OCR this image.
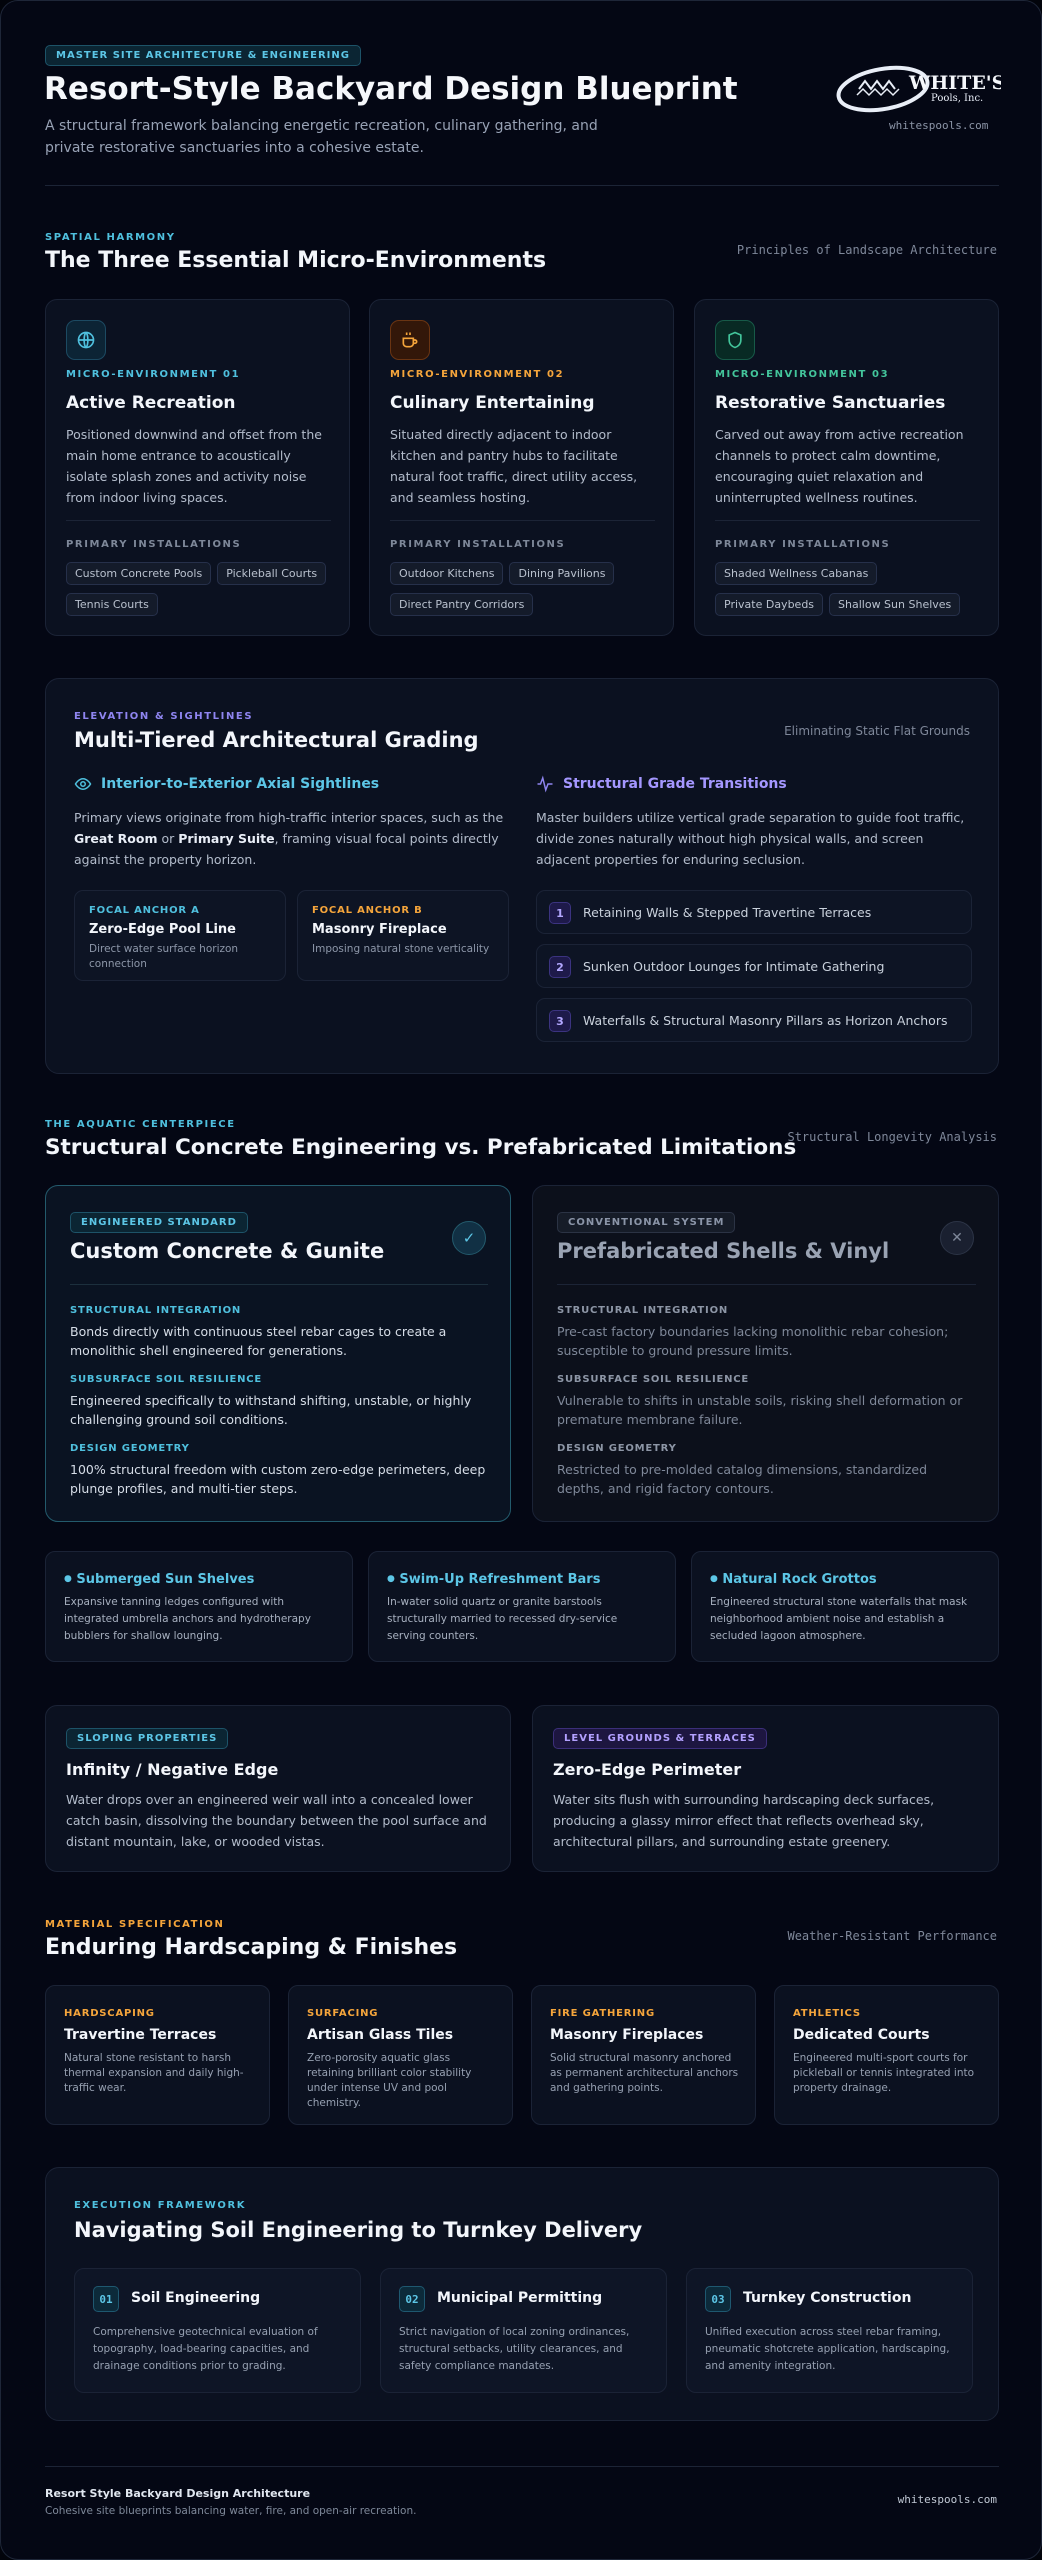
MASTER SITE ARCHITECTURE & ENGINEERING
Resort-Style Backyard Design Blueprint
A structural framework balancing energetic recreation, culinary gathering, and
private restorative sanctuaries into a cohesive estate.
WHITE'S
Pools, Inc.
whitespools.com
SPATIAL HARMONY
The Three Essential Micro-Environments	Principles of Landscape Architecture
MICRO-ENVIRONMENT 01
Active Recreation
Positioned downwind and offset from the main home entrance to acoustically isolate splash zones and activity noise from indoor living spaces.
PRIMARY INSTALLATIONS
Custom Concrete Pools Pickleball CourtsTennis Courts
MICRO-ENVIRONMENT 02
Culinary Entertaining
Situated directly adjacent to indoor kitchen and pantry hubs to facilitate natural foot traffic, direct utility access, and seamless hosting.
PRIMARY INSTALLATIONS
Outdoor Kitchens Dining PavilionsDirect Pantry Corridors
MICRO-ENVIRONMENT 03
Restorative Sanctuaries
Carved out away from active recreation channels to protect calm downtime, encouraging quiet relaxation and uninterrupted wellness routines.
PRIMARY INSTALLATIONS
Shaded Wellness CabanasPrivate Daybeds Shallow Sun Shelves
ELEVATION & SIGHTLINES
Multi-Tiered Architectural Grading	Eliminating Static Flat Grounds
Interior-to-Exterior Axial Sightlines
Primary views originate from high-traffic interior spaces, such as the Great Room or Primary Suite, framing visual focal points directly against the property horizon.
FOCAL ANCHOR A
Zero-Edge Pool Line
Direct water surface horizon connection
FOCAL ANCHOR B
Masonry Fireplace
Imposing natural stone verticality
Structural Grade Transitions
Master builders utilize vertical grade separation to guide foot traffic, divide zones naturally without high physical walls, and screen adjacent properties for enduring seclusion.
1	Retaining Walls & Stepped Travertine Terraces
2	Sunken Outdoor Lounges for Intimate Gathering
3	Waterfalls & Structural Masonry Pillars as Horizon Anchors
THE AQUATIC CENTERPIECE
Structural Concrete Engineering vs. Prefabricated Limitations
Structural Longevity Analysis
ENGINEERED STANDARD
Custom Concrete & Gunite
✓
STRUCTURAL INTEGRATION
Bonds directly with continuous steel rebar cages to create a monolithic shell engineered for generations.
SUBSURFACE SOIL RESILIENCE
Engineered specifically to withstand shifting, unstable, or highly challenging ground soil conditions.
DESIGN GEOMETRY
100% structural freedom with custom zero-edge perimeters, deep plunge profiles, and multi-tier steps.
CONVENTIONAL SYSTEM
Prefabricated Shells & Vinyl
✕
STRUCTURAL INTEGRATION
Pre-cast factory boundaries lacking monolithic rebar cohesion; susceptible to ground pressure limits.
SUBSURFACE SOIL RESILIENCE
Vulnerable to shifts in unstable soils, risking shell deformation or premature membrane failure.
DESIGN GEOMETRY
Restricted to pre-molded catalog dimensions, standardized depths, and rigid factory contours.
● Submerged Sun Shelves
Expansive tanning ledges configured with integrated umbrella anchors and hydrotherapy bubblers for shallow lounging.
● Swim-Up Refreshment Bars
In-water solid quartz or granite barstools structurally married to recessed dry-service serving counters.
● Natural Rock Grottos
Engineered structural stone waterfalls that mask neighborhood ambient noise and establish a secluded lagoon atmosphere.
SLOPING PROPERTIES
Infinity / Negative Edge
Water drops over an engineered weir wall into a concealed lower catch basin, dissolving the boundary between the pool surface and distant mountain, lake, or wooded vistas.
LEVEL GROUNDS & TERRACES
Zero-Edge Perimeter
Water sits flush with surrounding hardscaping deck surfaces, producing a glassy mirror effect that reflects overhead sky, architectural pillars, and surrounding estate greenery.
MATERIAL SPECIFICATION
Enduring Hardscaping & Finishes	Weather-Resistant Performance
HARDSCAPING
Travertine Terraces
Natural stone resistant to harsh thermal expansion and daily high-traffic wear.
SURFACING
Artisan Glass Tiles
Zero-porosity aquatic glass retaining brilliant color stability under intense UV and pool chemistry.
FIRE GATHERING
Masonry Fireplaces
Solid structural masonry anchored as permanent architectural anchors and gathering points.
ATHLETICS
Dedicated Courts
Engineered multi-sport courts for pickleball or tennis integrated into property drainage.
EXECUTION FRAMEWORK
Navigating Soil Engineering to Turnkey Delivery
01	Soil Engineering
Comprehensive geotechnical evaluation of topography, load-bearing capacities, and drainage conditions prior to grading.
02	Municipal Permitting
Strict navigation of local zoning ordinances, structural setbacks, utility clearances, and safety compliance mandates.
03	Turnkey Construction
Unified execution across steel rebar framing, pneumatic shotcrete application, hardscaping, and amenity integration.
Resort Style Backyard Design Architecture
Cohesive site blueprints balancing water, fire, and open-air recreation.
whitespools.com
